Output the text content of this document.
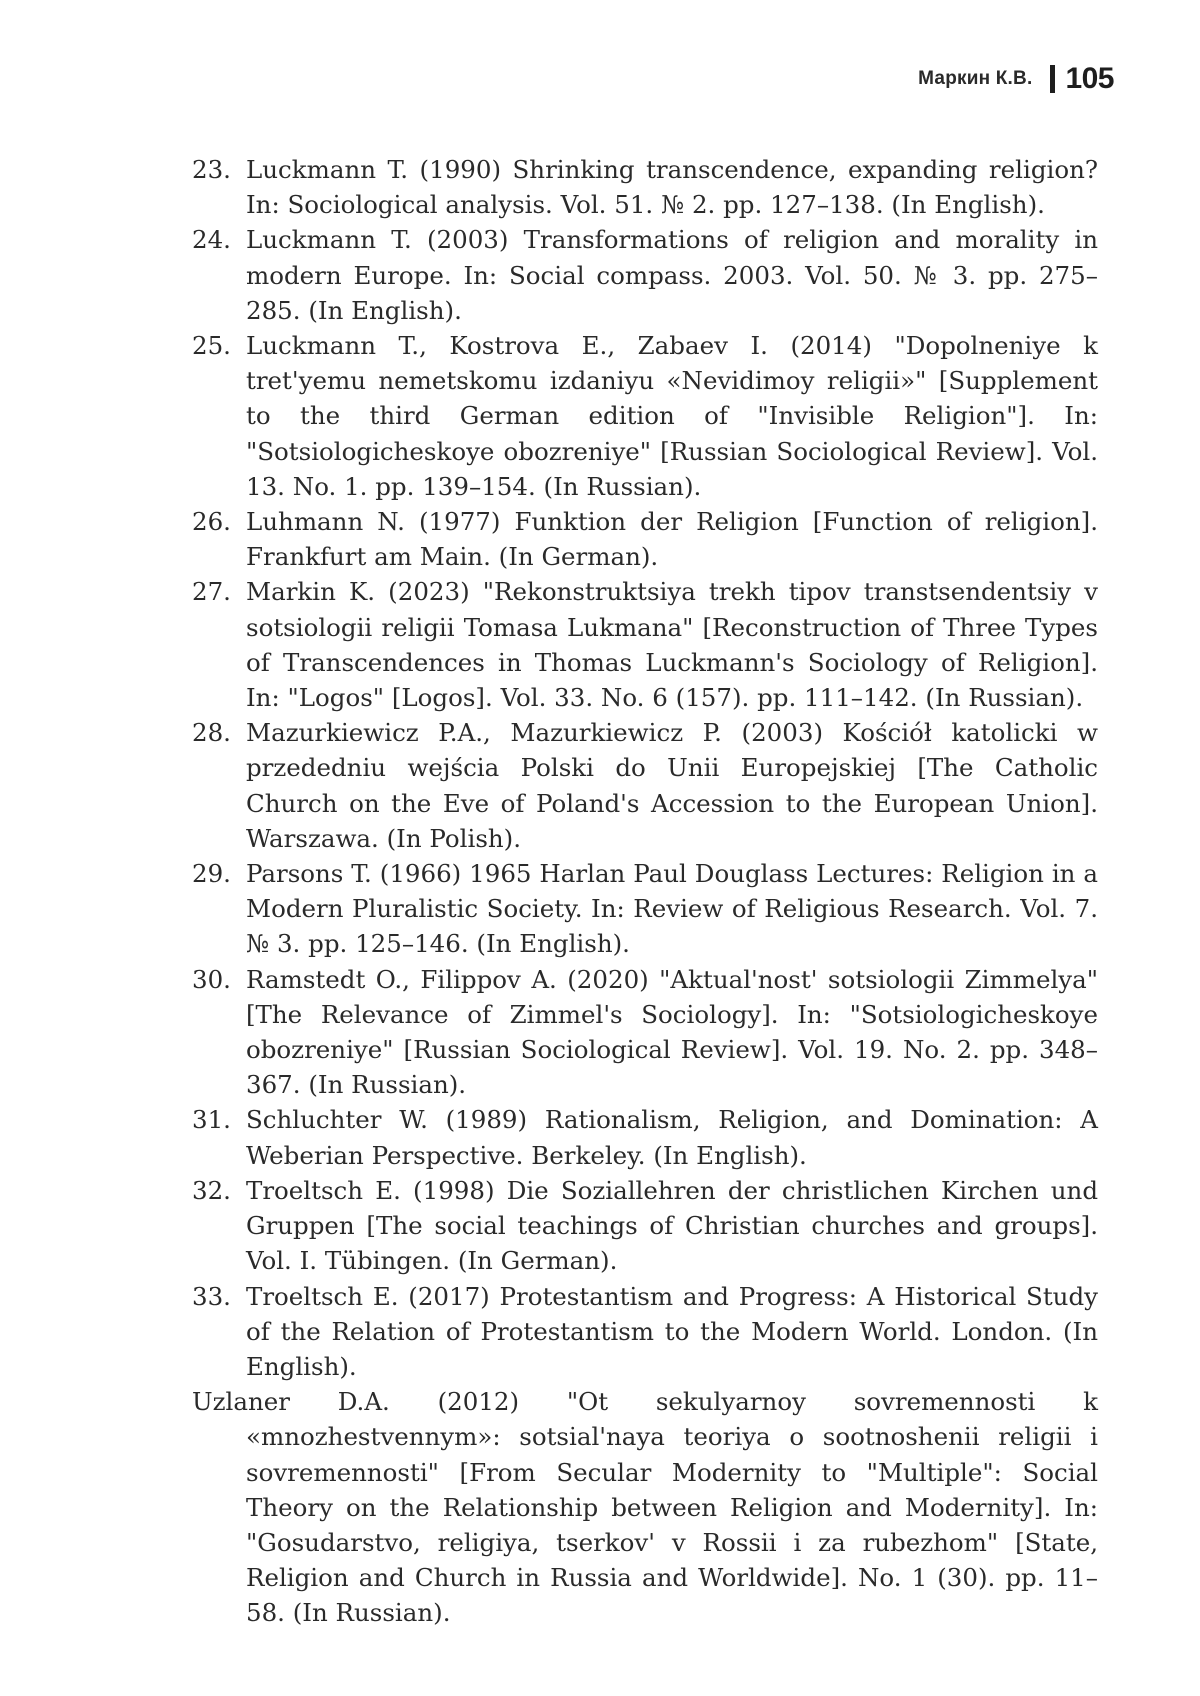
Маркин К.В. 105
23. Luckmann T. (1990) Shrinking transcendence, expanding religion? In: Sociological analysis. Vol. 51. № 2. pp. 127–138. (In English).
24. Luckmann T. (2003) Transformations of religion and morality in modern Europe. In: Social compass. 2003. Vol. 50. № 3. pp. 275–285. (In English).
25. Luckmann T., Kostrova E., Zabaev I. (2014) "Dopolneniye k tret'yemu nemetskomu izdaniyu «Nevidimoy religii»" [Supplement to the third German edition of "Invisible Religion"]. In: "Sotsiologicheskoye obozreniye" [Russian Sociological Review]. Vol. 13. No. 1. pp. 139–154. (In Russian).
26. Luhmann N. (1977) Funktion der Religion [Function of religion]. Frankfurt am Main. (In German).
27. Markin K. (2023) "Rekonstruktsiya trekh tipov transtsendentsiy v sotsiologii religii Tomasa Lukmana" [Reconstruction of Three Types of Transcendences in Thomas Luckmann's Sociology of Religion]. In: "Logos" [Logos]. Vol. 33. No. 6 (157). pp. 111–142. (In Russian).
28. Mazurkiewicz P.A., Mazurkiewicz P. (2003) Kościół katolicki w przededniu wejścia Polski do Unii Europejskiej [The Catholic Church on the Eve of Poland's Accession to the European Union]. Warszawa. (In Polish).
29. Parsons T. (1966) 1965 Harlan Paul Douglass Lectures: Religion in a Modern Pluralistic Society. In: Review of Religious Research. Vol. 7. № 3. pp. 125–146. (In English).
30. Ramstedt O., Filippov A. (2020) "Aktual'nost' sotsiologii Zimmelya" [The Relevance of Zimmel's Sociology]. In: "Sotsiologicheskoye obozreniye" [Russian Sociological Review]. Vol. 19. No. 2. pp. 348–367. (In Russian).
31. Schluchter W. (1989) Rationalism, Religion, and Domination: A Weberian Perspective. Berkeley. (In English).
32. Troeltsch E. (1998) Die Soziallehren der christlichen Kirchen und Gruppen [The social teachings of Christian churches and groups]. Vol. I. Tübingen. (In German).
33. Troeltsch E. (2017) Protestantism and Progress: A Historical Study of the Relation of Protestantism to the Modern World. London. (In English).
Uzlaner D.A. (2012) "Ot sekulyarnoy sovremennosti k «mnozhestvennym»: sotsial'naya teoriya o sootnoshenii religii i sovremennosti" [From Secular Modernity to "Multiple": Social Theory on the Relationship between Religion and Modernity]. In: "Gosudarstvo, religiya, tserkov' v Rossii i za rubezhom" [State, Religion and Church in Russia and Worldwide]. No. 1 (30). pp. 11–58. (In Russian).
